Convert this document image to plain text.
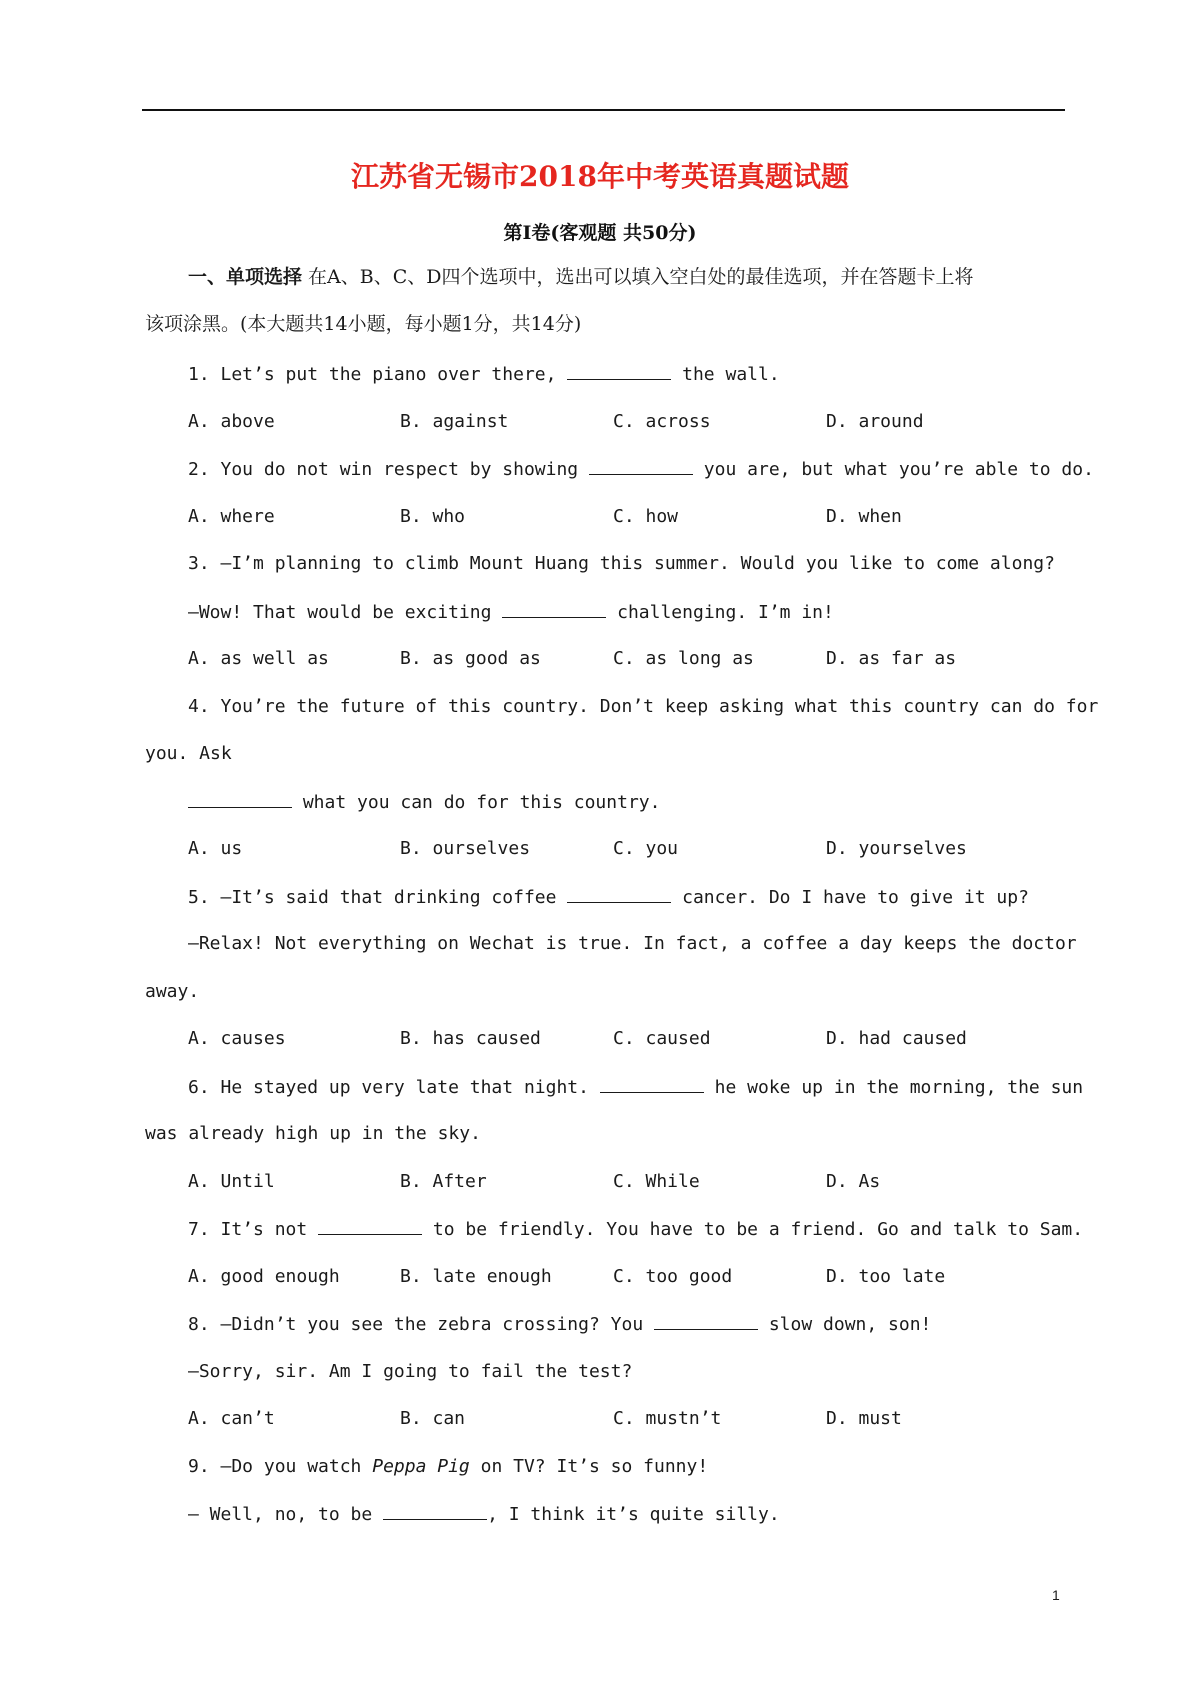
江苏省无锡市2018年中考英语真题试题
第Ⅰ卷(客观题 共50分)
一、单项选择 在A、B、C、D四个选项中，选出可以填入空白处的最佳选项，并在答题卡上将
该项涂黑。(本大题共14小题，每小题1分，共14分)
1. Let’s put the piano over there,	the wall.
A. above	B. against	C. across	D. around
2. You do not win respect by showing	you are, but what you’re able to do.
A. where	B. who	C. how	D. when
3. —I’m planning to climb Mount Huang this summer. Would you like to come along?
—Wow! That would be exciting	challenging. I’m in!
A. as well as	B. as good as	C. as long as	D. as far as
4. You’re the future of this country. Don’t keep asking what this country can do for
you. Ask
what you can do for this country.
A. us	B. ourselves	C. you	D. yourselves
5. —It’s said that drinking coffee	cancer. Do I have to give it up?
—Relax! Not everything on Wechat is true. In fact, a coffee a day keeps the doctor
away.
A. causes	B. has caused	C. caused	D. had caused
6. He stayed up very late that night.	he woke up in the morning, the sun
was already high up in the sky.
A. Until	B. After	C. While	D. As
7. It’s not	to be friendly. You have to be a friend. Go and talk to Sam.
A. good enough	B. late enough	C. too good	D. too late
8. —Didn’t you see the zebra crossing? You	slow down, son!
—Sorry, sir. Am I going to fail the test?
A. can’t	B. can	C. mustn’t	D. must
9. —Do you watch Peppa Pig on TV? It’s so funny!
— Well, no, to be	, I think it’s quite silly.
1
